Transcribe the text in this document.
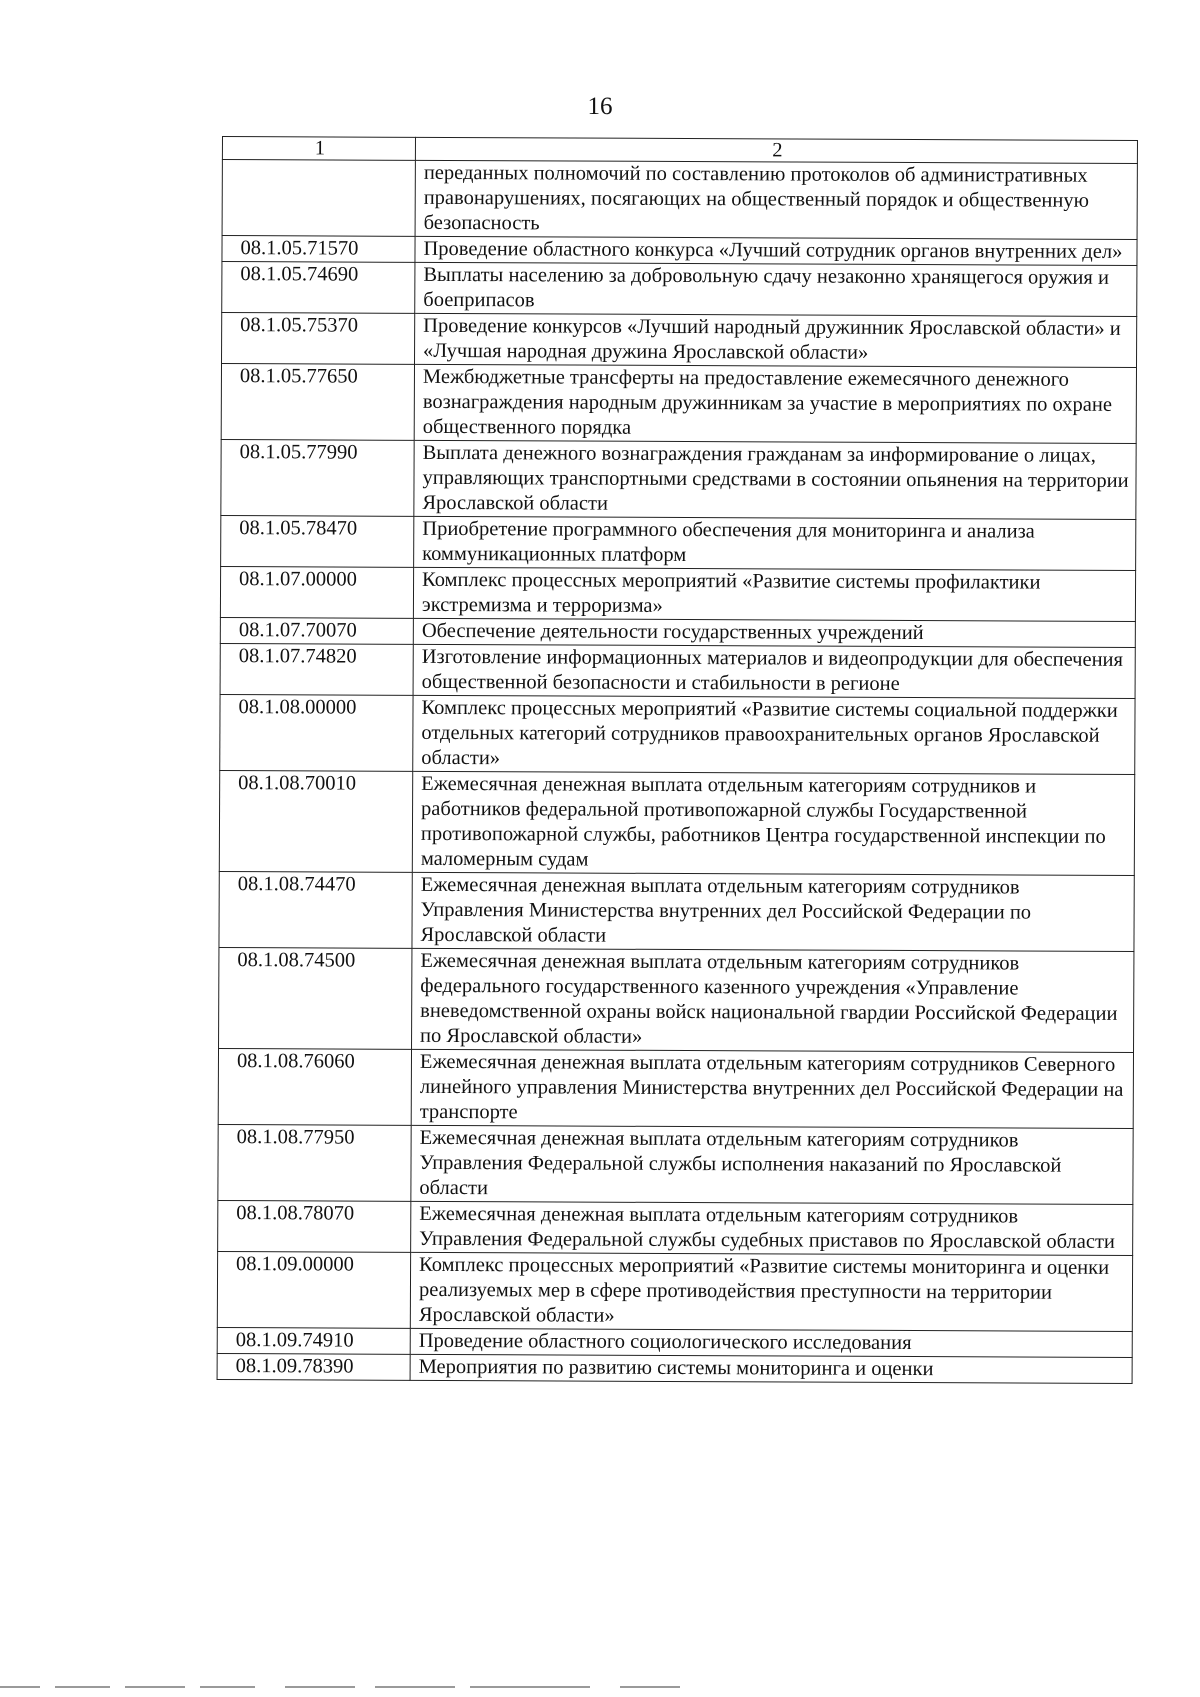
16
1	2
	переданных полномочий по составлению протоколов об административных правонарушениях, посягающих на общественный порядок и общественную безопасность
08.1.05.71570	Проведение областного конкурса «Лучший сотрудник органов внутренних дел»
08.1.05.74690	Выплаты населению за добровольную сдачу незаконно хранящегося оружия и боеприпасов
08.1.05.75370	Проведение конкурсов «Лучший народный дружинник Ярославской области» и «Лучшая народная дружина Ярославской области»
08.1.05.77650	Межбюджетные трансферты на предоставление ежемесячного денежного вознаграждения народным дружинникам за участие в мероприятиях по охране общественного порядка
08.1.05.77990	Выплата денежного вознаграждения гражданам за информирование о лицах, управляющих транспортными средствами в состоянии опьянения на территории Ярославской области
08.1.05.78470	Приобретение программного обеспечения для мониторинга и анализа коммуникационных платформ
08.1.07.00000	Комплекс процессных мероприятий «Развитие системы профилактики экстремизма и терроризма»
08.1.07.70070	Обеспечение деятельности государственных учреждений
08.1.07.74820	Изготовление информационных материалов и видеопродукции для обеспечения общественной безопасности и стабильности в регионе
08.1.08.00000	Комплекс процессных мероприятий «Развитие системы социальной поддержки отдельных категорий сотрудников правоохранительных органов Ярославской области»
08.1.08.70010	Ежемесячная денежная выплата отдельным категориям сотрудников и работников федеральной противопожарной службы Государственной противопожарной службы, работников Центра государственной инспекции по маломерным судам
08.1.08.74470	Ежемесячная денежная выплата отдельным категориям сотрудников Управления Министерства внутренних дел Российской Федерации по Ярославской области
08.1.08.74500	Ежемесячная денежная выплата отдельным категориям сотрудников федерального государственного казенного учреждения «Управление вневедомственной охраны войск национальной гвардии Российской Федерации по Ярославской области»
08.1.08.76060	Ежемесячная денежная выплата отдельным категориям сотрудников Северного линейного управления Министерства внутренних дел Российской Федерации на транспорте
08.1.08.77950	Ежемесячная денежная выплата отдельным категориям сотрудников Управления Федеральной службы исполнения наказаний по Ярославской области
08.1.08.78070	Ежемесячная денежная выплата отдельным категориям сотрудников Управления Федеральной службы судебных приставов по Ярославской области
08.1.09.00000	Комплекс процессных мероприятий «Развитие системы мониторинга и оценки реализуемых мер в сфере противодействия преступности на территории Ярославской области»
08.1.09.74910	Проведение областного социологического исследования
08.1.09.78390	Мероприятия по развитию системы мониторинга и оценки
